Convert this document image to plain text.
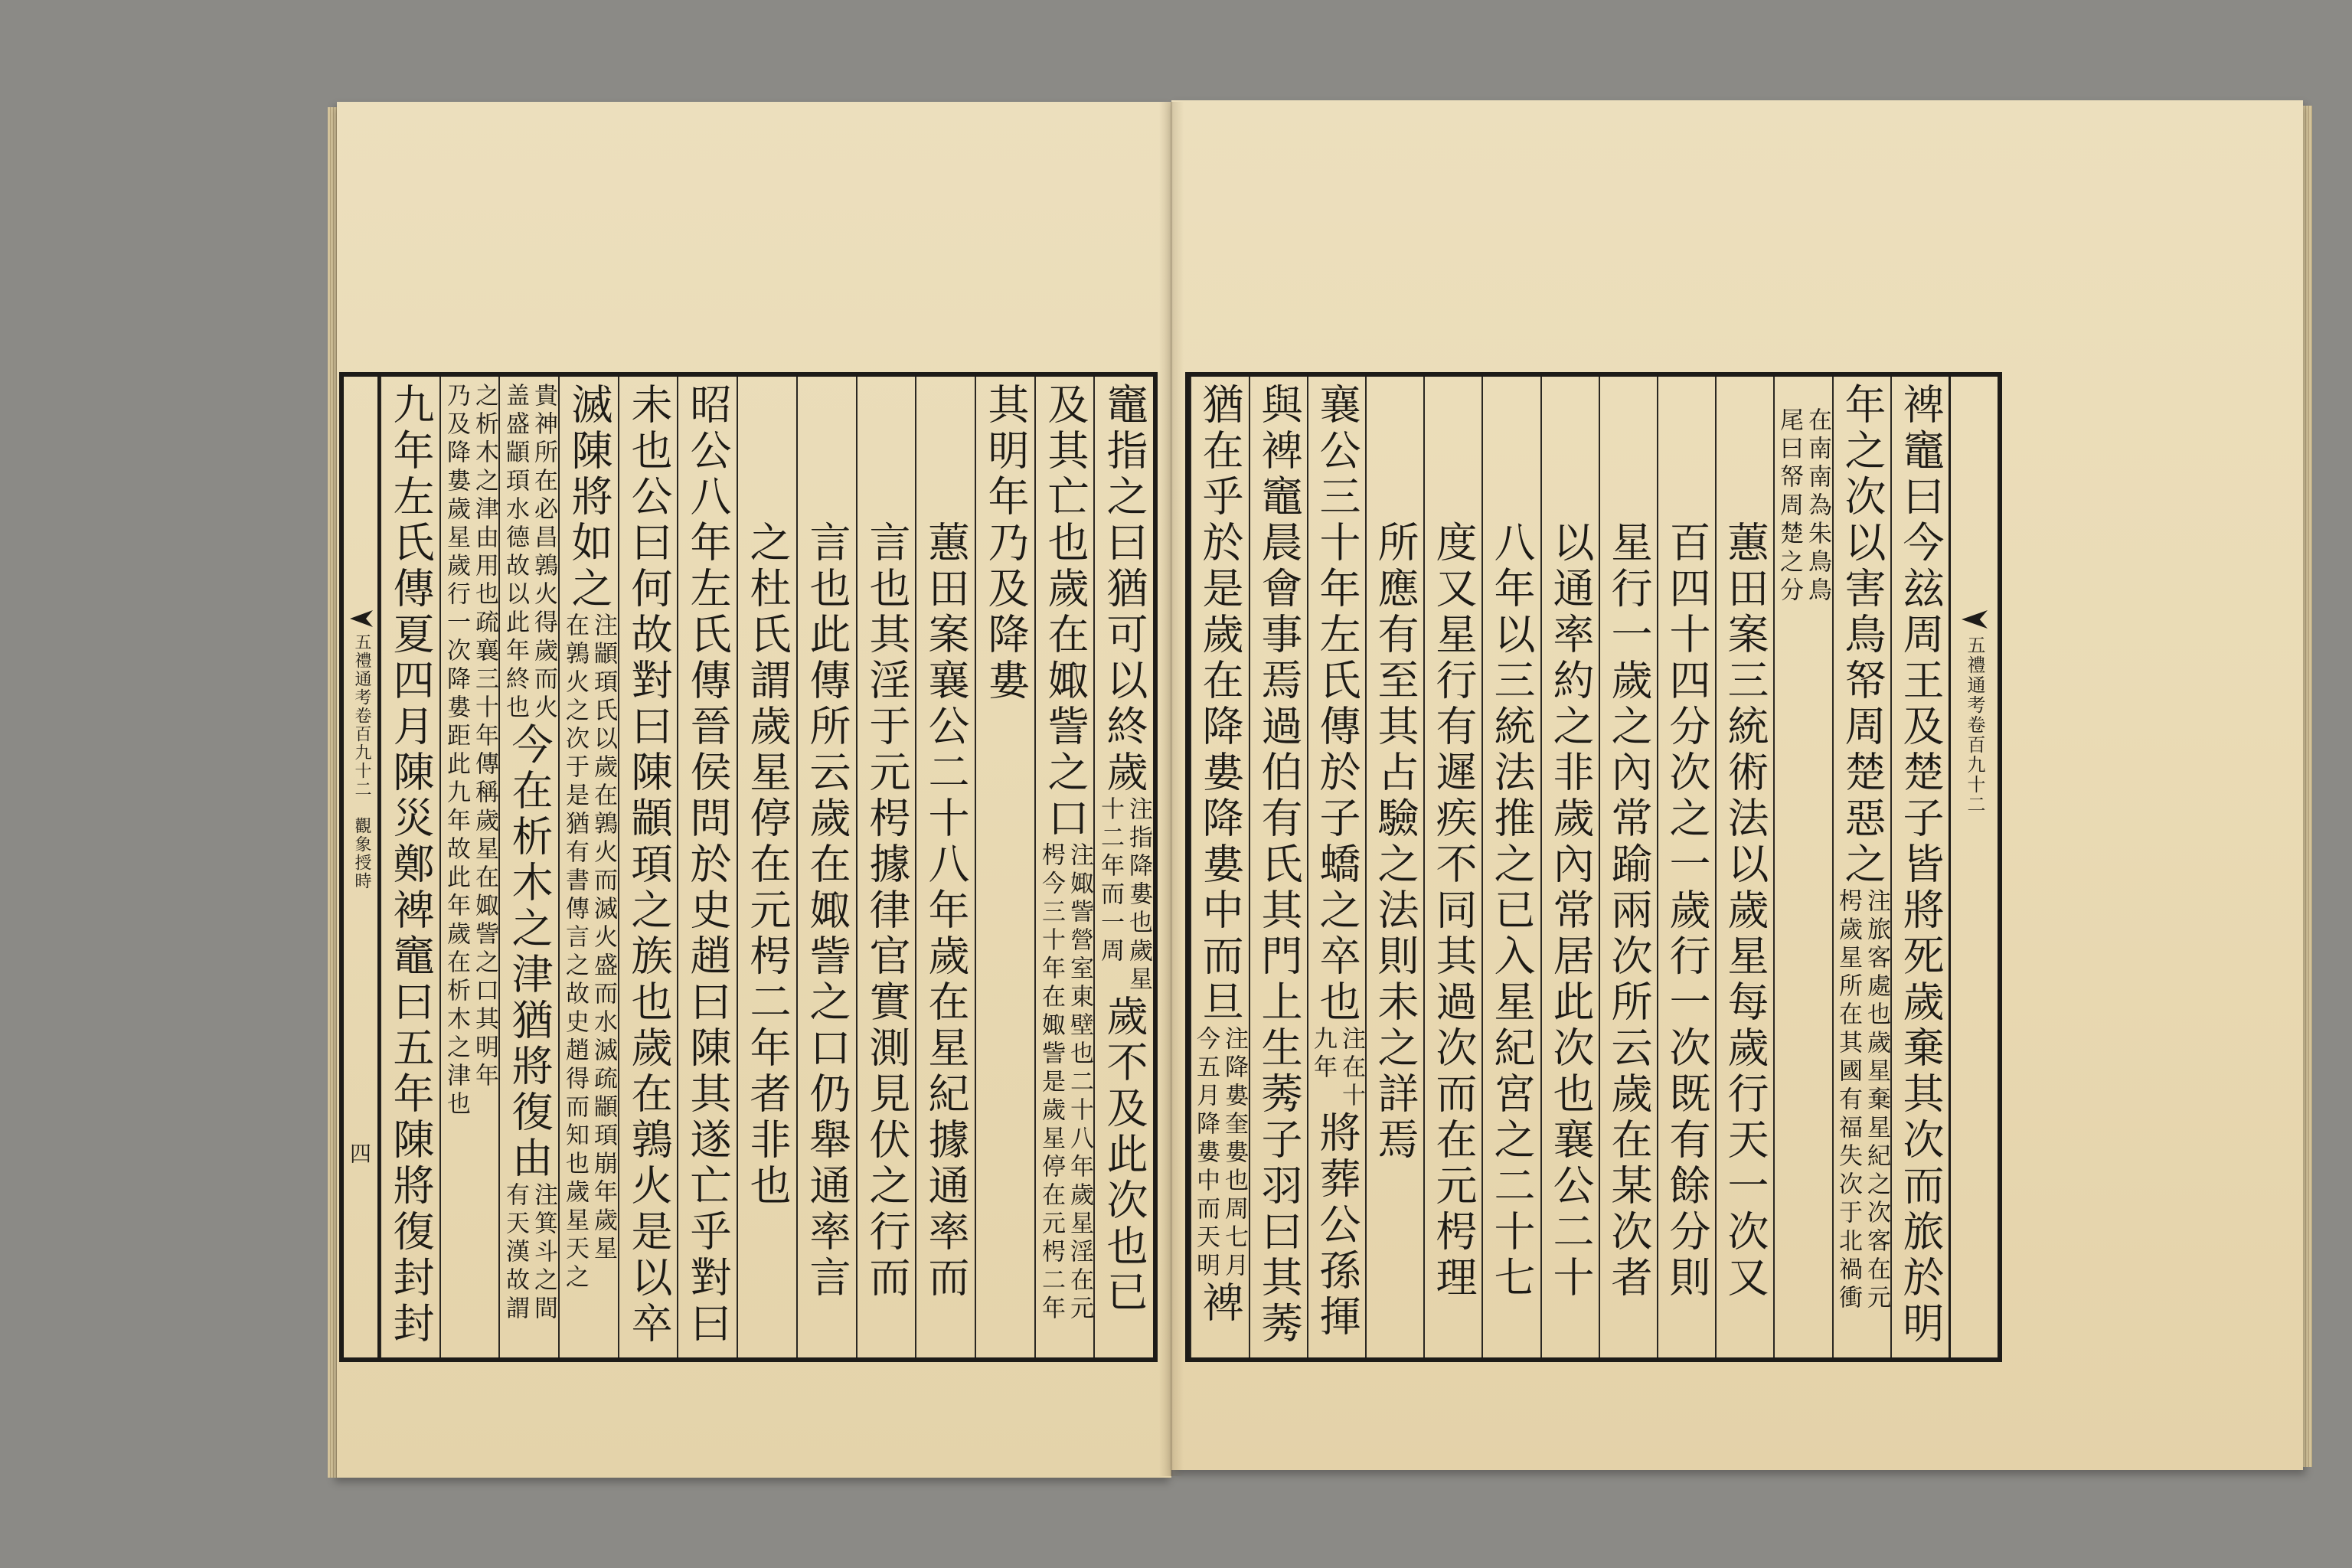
五禮通考卷百九十二
觀象授時
四
竈指之曰猶可以終歲
注指降婁也歲星
十二年而一周
歲不及此次也已
及其亡也歲在娵訾之口
注娵訾營室東壁也二十八年歲星淫在元
枵今三十年在娵訾是歲星停在元枵二年
其明年乃及降婁
蕙田案襄公二十八年歲在星紀據通率而
言也其淫于元枵據律官實測見伏之行而
言也此傳所云歲在娵訾之口仍舉通率言
之杜氏謂歲星停在元枵二年者非也
昭公八年左氏傳晉侯問於史趙曰陳其遂亡乎對曰
未也公曰何故對曰陳顓頊之族也歲在鶉火是以卒
滅陳將如之
注顓頊氏以歲在鶉火而滅火盛而水滅疏顓頊崩年歲星
在鶉火之次于是猶有書傳言之故史趙得而知也歲星天之
貴神所在必昌鶉火得歲而火
盖盛顓頊水德故以此年終也
今在析木之津猶將復由
注箕斗之間
有天漢故謂
之析木之津由用也疏襄三十年傳稱歲星在娵訾之口其明年
乃及降婁歲星歲行一次降婁距此九年故此年歲在析木之津也
九年左氏傳夏四月陳災鄭裨竈曰五年陳將復封封	五禮通考卷百九十二
裨竈曰今玆周王及楚子皆將死歲棄其次而旅於明
年之次以害鳥帑周楚惡之
注旅客處也歲星棄星紀之次客在元
枵歲星所在其國有福失次于北禍衝
在南南為朱鳥鳥
尾曰帑周楚之分
蕙田案三統術法以歲星每歲行天一次又
百四十四分次之一歲行一次既有餘分則
星行一歲之內常踰兩次所云歲在某次者
以通率約之非歲內常居此次也襄公二十
八年以三統法推之已入星紀宮之二十七
度又星行有遲疾不同其過次而在元枵理
所應有至其占驗之法則未之詳焉
襄公三十年左氏傳於子蟜之卒也
注在十
九年
將葬公孫揮
與裨竈晨會事焉過伯有氏其門上生莠子羽曰其莠
猶在乎於是歲在降婁降婁中而旦
注降婁奎婁也周七月
今五月降婁中而天明
裨
